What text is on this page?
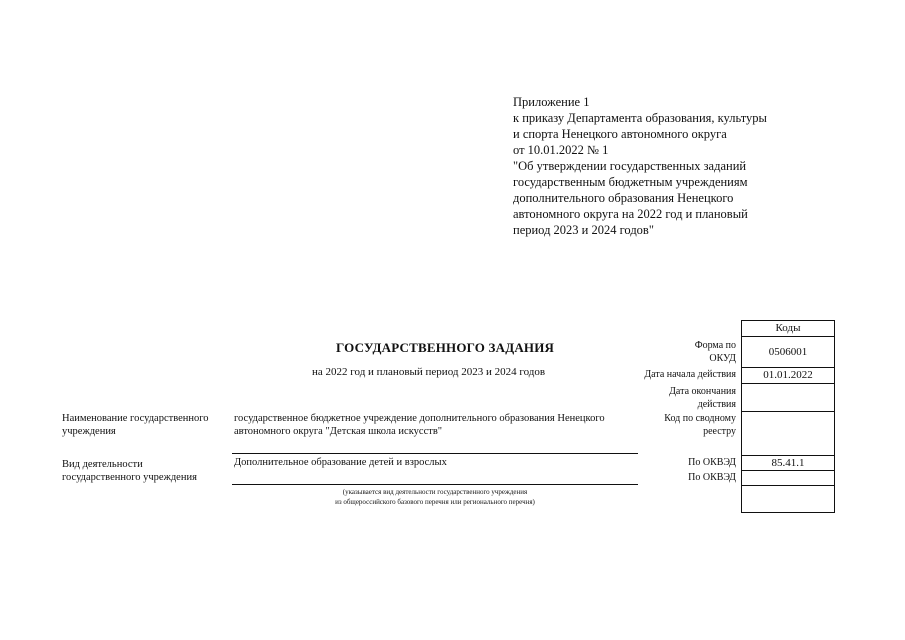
Приложение 1
к приказу Департамента образования, культуры
и спорта Ненецкого автономного округа
от 10.01.2022 № 1
"Об утверждении государственных заданий
государственным бюджетным учреждениям
дополнительного образования Ненецкого
автономного округа на 2022 год и плановый
период 2023 и 2024 годов"
ГОСУДАРСТВЕННОГО ЗАДАНИЯ
на 2022 год и плановый период 2023 и 2024 годов
Наименование государственного
учреждения
государственное бюджетное учреждение дополнительного образования Ненецкого
автономного округа "Детская школа искусств"
Вид деятельности
государственного учреждения
Дополнительное образование детей и взрослых
(указывается вид деятельности государственного учреждения
из общероссийского базового перечня или регионального перечня)
Форма по
ОКУД
Дата начала действия
Дата окончания
действия
Код по сводному
реестру
По ОКВЭД
По ОКВЭД
Коды
0506001
01.01.2022
85.41.1
